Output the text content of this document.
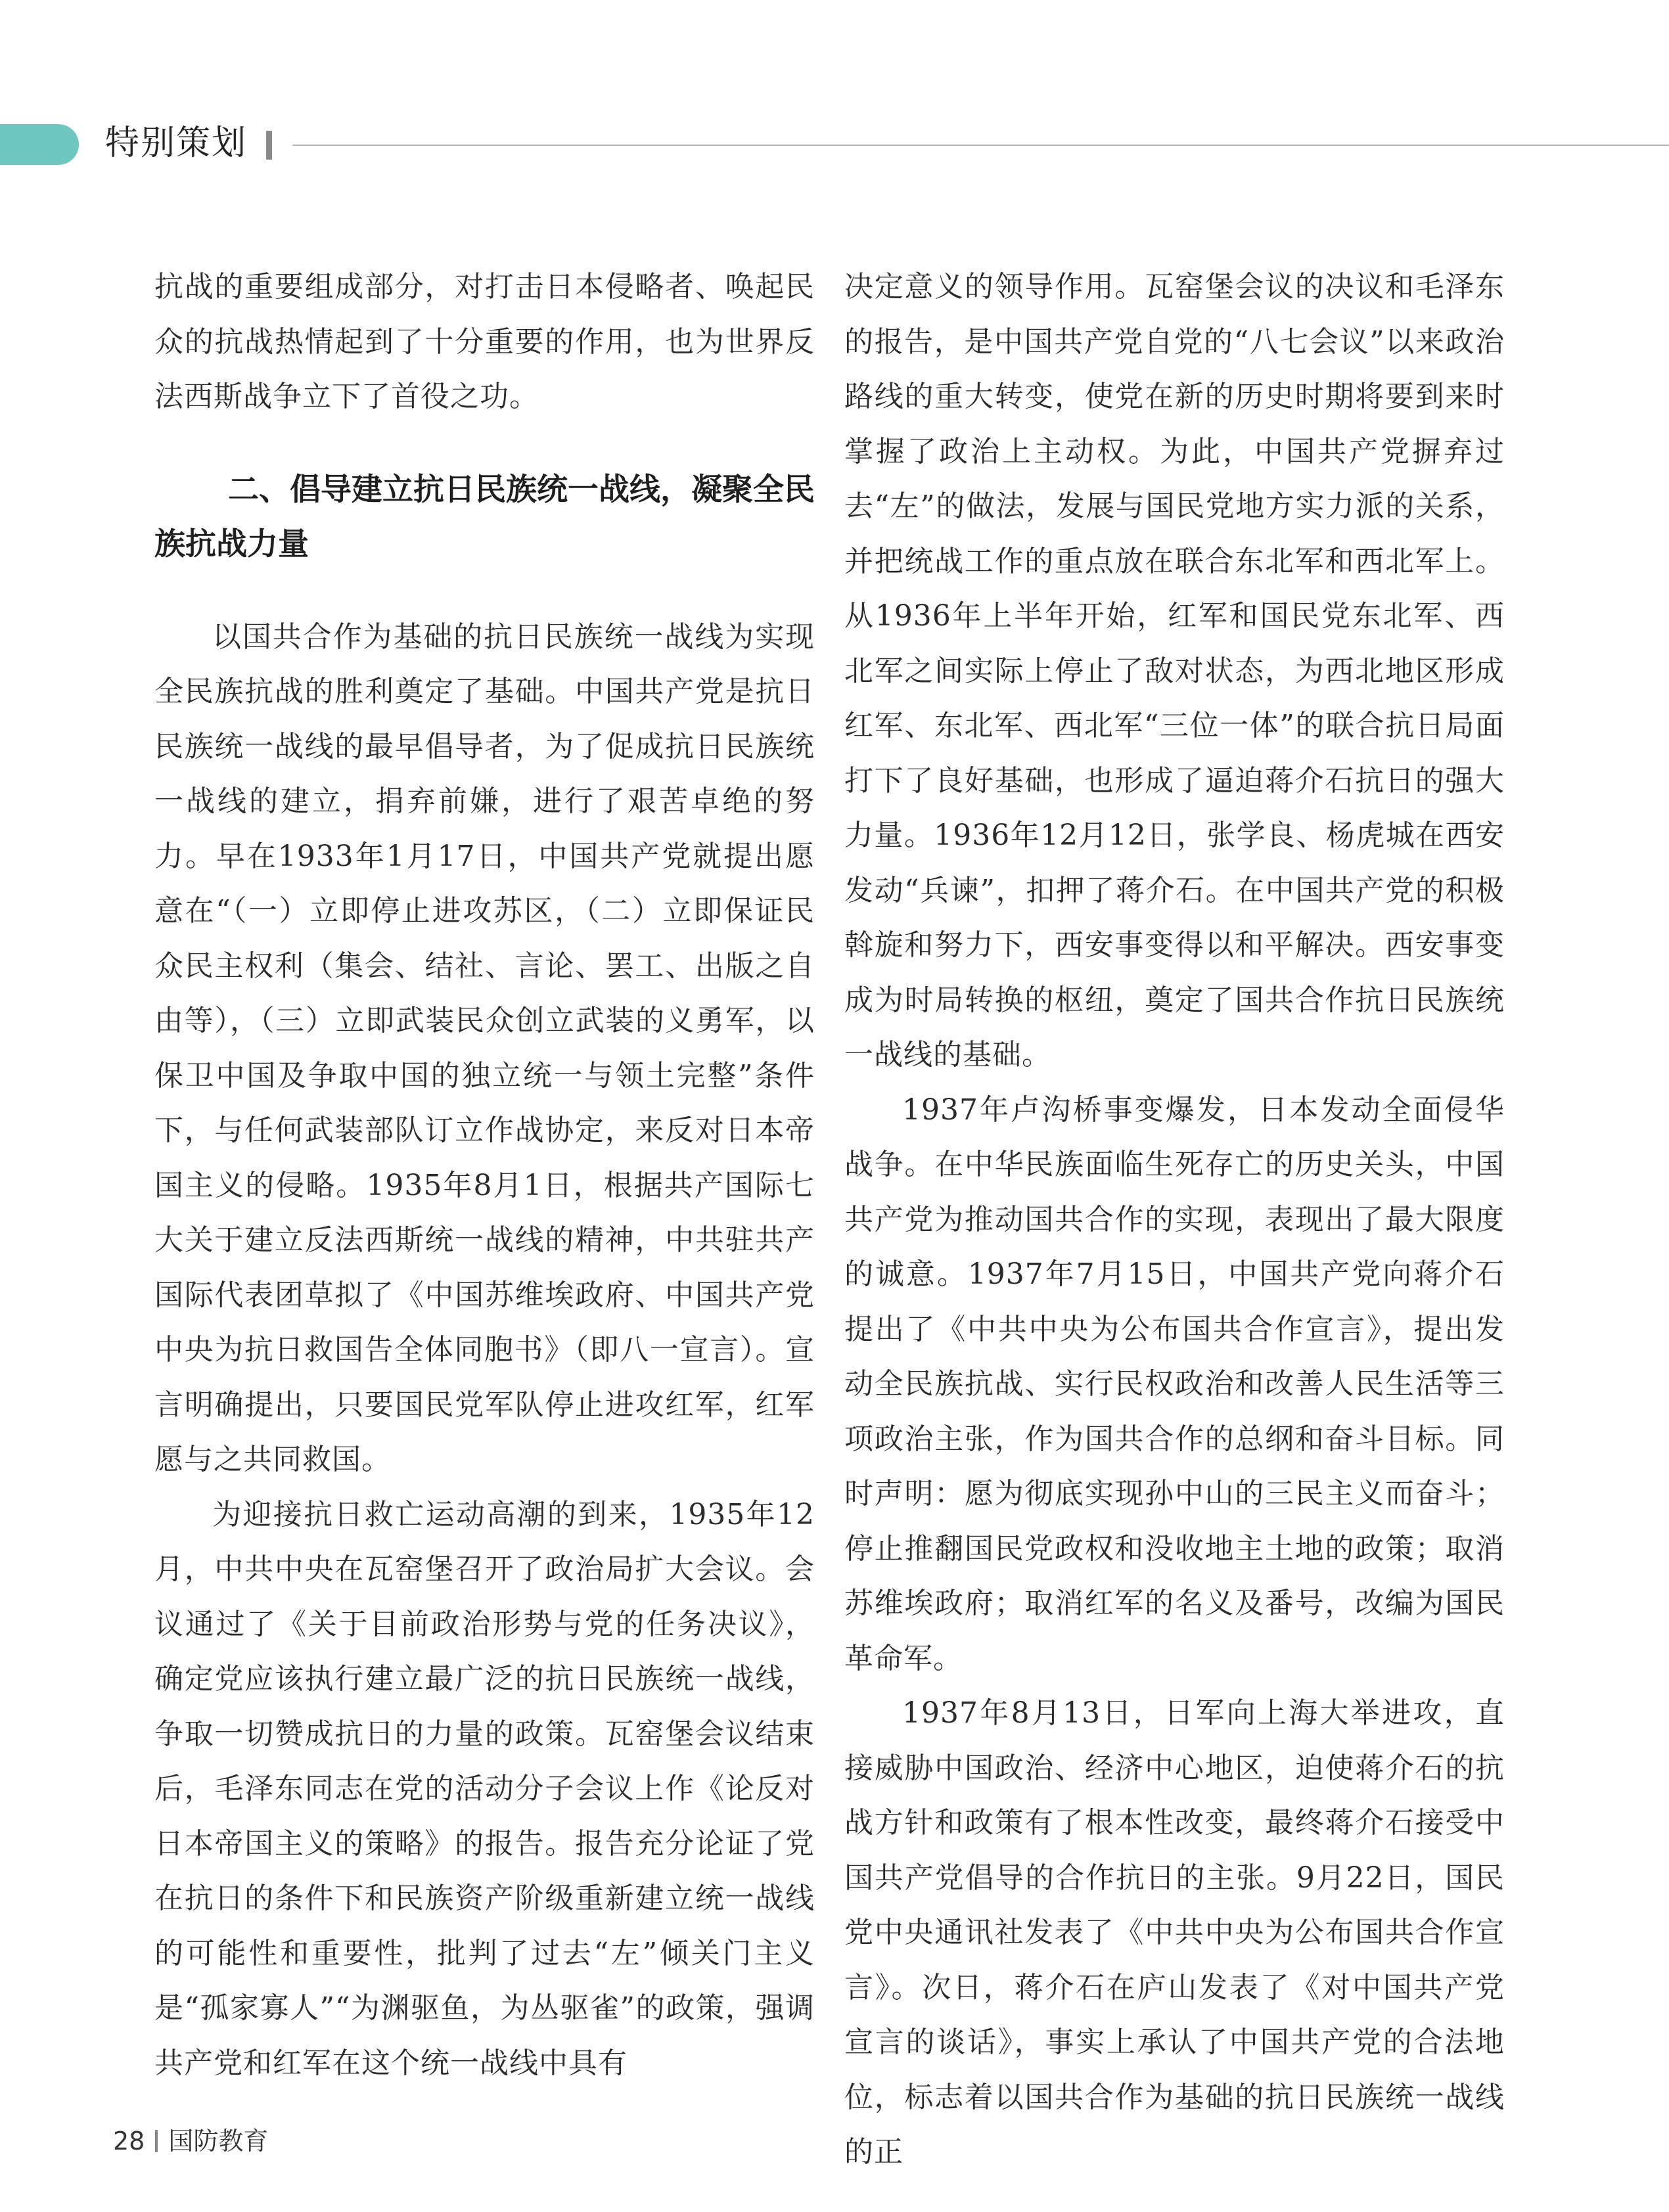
特别策划

抗战的重要组成部分，对打击日本侵略者、唤起民众的抗战热情起到了十分重要的作用，也为世界反法西斯战争立下了首役之功。

二、倡导建立抗日民族统一战线，凝聚全民族抗战力量

以国共合作为基础的抗日民族统一战线为实现全民族抗战的胜利奠定了基础。中国共产党是抗日民族统一战线的最早倡导者，为了促成抗日民族统一战线的建立，捐弃前嫌，进行了艰苦卓绝的努力。早在1933年1月17日，中国共产党就提出愿意在“（一）立即停止进攻苏区，（二）立即保证民众民主权利（集会、结社、言论、罢工、出版之自由等），（三）立即武装民众创立武装的义勇军，以保卫中国及争取中国的独立统一与领土完整”条件下，与任何武装部队订立作战协定，来反对日本帝国主义的侵略。1935年8月1日，根据共产国际七大关于建立反法西斯统一战线的精神，中共驻共产国际代表团草拟了《中国苏维埃政府、中国共产党中央为抗日救国告全体同胞书》（即八一宣言）。宣言明确提出，只要国民党军队停止进攻红军，红军愿与之共同救国。

为迎接抗日救亡运动高潮的到来，1935年12月，中共中央在瓦窑堡召开了政治局扩大会议。会议通过了《关于目前政治形势与党的任务决议》，确定党应该执行建立最广泛的抗日民族统一战线，争取一切赞成抗日的力量的政策。瓦窑堡会议结束后，毛泽东同志在党的活动分子会议上作《论反对日本帝国主义的策略》的报告。报告充分论证了党在抗日的条件下和民族资产阶级重新建立统一战线的可能性和重要性，批判了过去“左”倾关门主义是“孤家寡人”“为渊驱鱼，为丛驱雀”的政策，强调共产党和红军在这个统一战线中具有

决定意义的领导作用。瓦窑堡会议的决议和毛泽东的报告，是中国共产党自党的“八七会议”以来政治路线的重大转变，使党在新的历史时期将要到来时掌握了政治上主动权。为此，中国共产党摒弃过去“左”的做法，发展与国民党地方实力派的关系，并把统战工作的重点放在联合东北军和西北军上。从1936年上半年开始，红军和国民党东北军、西北军之间实际上停止了敌对状态，为西北地区形成红军、东北军、西北军“三位一体”的联合抗日局面打下了良好基础，也形成了逼迫蒋介石抗日的强大力量。1936年12月12日，张学良、杨虎城在西安发动“兵谏”，扣押了蒋介石。在中国共产党的积极斡旋和努力下，西安事变得以和平解决。西安事变成为时局转换的枢纽，奠定了国共合作抗日民族统一战线的基础。

1937年卢沟桥事变爆发，日本发动全面侵华战争。在中华民族面临生死存亡的历史关头，中国共产党为推动国共合作的实现，表现出了最大限度的诚意。1937年7月15日，中国共产党向蒋介石提出了《中共中央为公布国共合作宣言》，提出发动全民族抗战、实行民权政治和改善人民生活等三项政治主张，作为国共合作的总纲和奋斗目标。同时声明：愿为彻底实现孙中山的三民主义而奋斗；停止推翻国民党政权和没收地主土地的政策；取消苏维埃政府；取消红军的名义及番号，改编为国民革命军。

1937年8月13日，日军向上海大举进攻，直接威胁中国政治、经济中心地区，迫使蒋介石的抗战方针和政策有了根本性改变，最终蒋介石接受中国共产党倡导的合作抗日的主张。9月22日，国民党中央通讯社发表了《中共中央为公布国共合作宣言》。次日，蒋介石在庐山发表了《对中国共产党宣言的谈话》，事实上承认了中国共产党的合法地位，标志着以国共合作为基础的抗日民族统一战线的正

28 国防教育
